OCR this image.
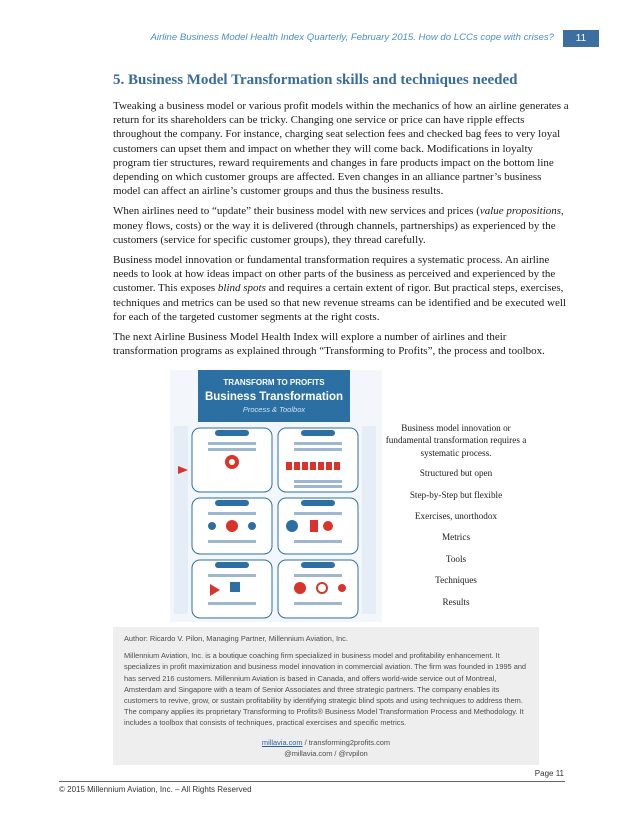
Airline Business Model Health Index Quarterly, February 2015. How do LCCs cope with crises?	11
5. Business Model Transformation skills and techniques needed

Tweaking a business model or various profit models within the mechanics of how an airline generates a return for its shareholders can be tricky. Changing one service or price can have ripple effects throughout the company. For instance, charging seat selection fees and checked bag fees to very loyal customers can upset them and impact on whether they will come back. Modifications in loyalty program tier structures, reward requirements and changes in fare products impact on the bottom line depending on which customer groups are affected. Even changes in an alliance partner’s business model can affect an airline’s customer groups and thus the business results.

When airlines need to “update” their business model with new services and prices (value propositions, money flows, costs) or the way it is delivered (through channels, partnerships) as experienced by the customers (service for specific customer groups), they thread carefully.

Business model innovation or fundamental transformation requires a systematic process. An airline needs to look at how ideas impact on other parts of the business as perceived and experienced by the customer. This exposes blind spots and requires a certain extent of rigor. But practical steps, exercises, techniques and metrics can be used so that new revenue streams can be identified and be executed well for each of the targeted customer segments at the right costs.

The next Airline Business Model Health Index will explore a number of airlines and their transformation programs as explained through “Transforming to Profits”, the process and toolbox.

TRANSFORM TO PROFITS
Business Transformation
Process & Toolbox
Business model innovation or fundamental transformation requires a systematic process.
Structured but open
Step-by-Step but flexible
Exercises, unorthodox
Metrics
Tools
Techniques
Results

Author: Ricardo V. Pilon, Managing Partner, Millennium Aviation, Inc.

Millennium Aviation, Inc. is a boutique coaching firm specialized in business model and profitability enhancement. It specializes in profit maximization and business model innovation in commercial aviation. The firm was founded in 1995 and has served 216 customers. Millennium Aviation is based in Canada, and offers world-wide service out of Montreal, Amsterdam and Singapore with a team of Senior Associates and three strategic partners. The company enables its customers to revive, grow, or sustain profitability by identifying strategic blind spots and using techniques to address them. The company applies its proprietary Transforming to Profits® Business Model Transformation Process and Methodology. It includes a toolbox that consists of techniques, practical exercises and specific metrics.

millavia.com / transforming2profits.com
@millavia.com / @rvpilon
Page 11
© 2015 Millennium Aviation, Inc. – All Rights Reserved
